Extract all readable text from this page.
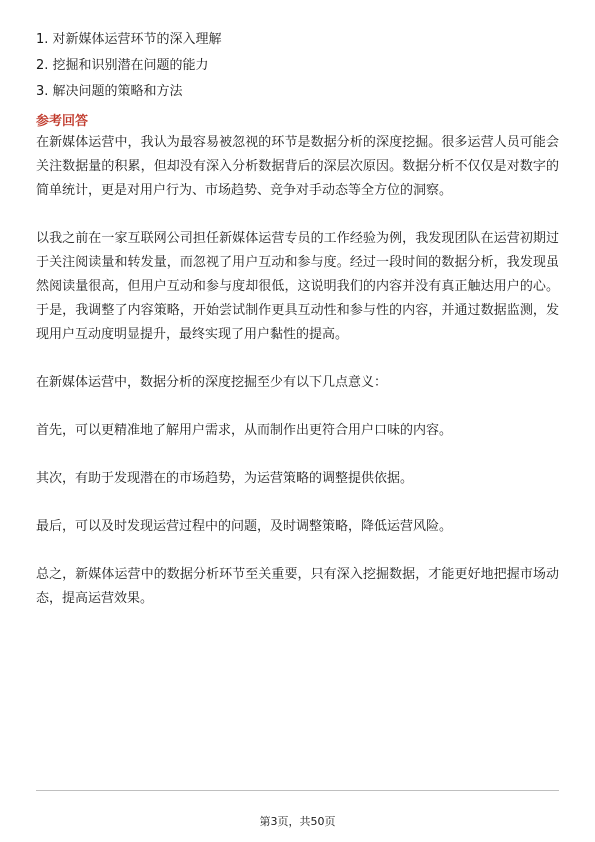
1. 对新媒体运营环节的深入理解
2. 挖掘和识别潜在问题的能力
3. 解决问题的策略和方法
参考回答

在新媒体运营中，我认为最容易被忽视的环节是数据分析的深度挖掘。很多运营人员可能会关注数据量的积累，但却没有深入分析数据背后的深层次原因。数据分析不仅仅是对数字的简单统计，更是对用户行为、市场趋势、竞争对手动态等全方位的洞察。

以我之前在一家互联网公司担任新媒体运营专员的工作经验为例，我发现团队在运营初期过于关注阅读量和转发量，而忽视了用户互动和参与度。经过一段时间的数据分析，我发现虽然阅读量很高，但用户互动和参与度却很低，这说明我们的内容并没有真正触达用户的心。于是，我调整了内容策略，开始尝试制作更具互动性和参与性的内容，并通过数据监测，发现用户互动度明显提升，最终实现了用户黏性的提高。

在新媒体运营中，数据分析的深度挖掘至少有以下几点意义：

首先，可以更精准地了解用户需求，从而制作出更符合用户口味的内容。

其次，有助于发现潜在的市场趋势，为运营策略的调整提供依据。

最后，可以及时发现运营过程中的问题，及时调整策略，降低运营风险。

总之，新媒体运营中的数据分析环节至关重要，只有深入挖掘数据，才能更好地把握市场动态，提高运营效果。

第3页，共50页
